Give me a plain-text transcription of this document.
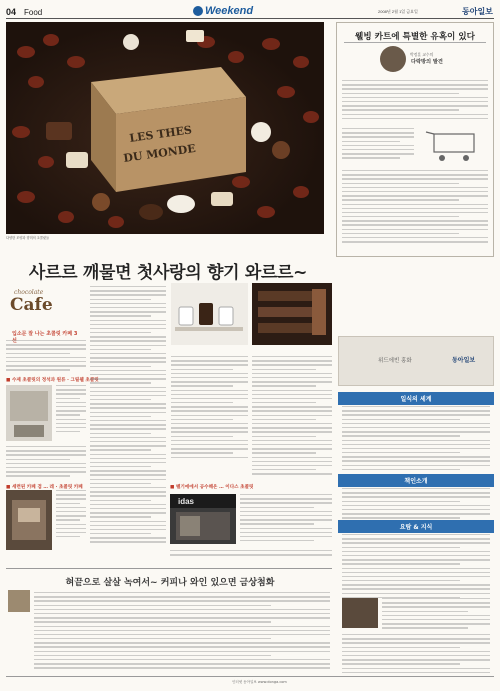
04 Food	Weekend	2008년 2월 1일 금요일	동아일보
LES THES
DU MONDE
다양한 모양과 향미의 초콜릿들
웰빙 카트에 특별한 유혹이 있다
박정훈 교수의
다락방의 발견
사르르 깨물면 첫사랑의 향기 와르르~
chocolate
Cafe
입소문 잘 나는 초콜릿 카페 3선
■ 수제 초콜릿의 정석과 원류 · 그릴웰 초콜릿
■ 세련된 카페 겸 … 레 · 초콜릿 카페	■ 벨기에에서 공수해온 … 이다스 초콜릿
idas
혀끝으로 살살 녹여서~ 커피나 와인 있으면 금상첨화
위드에빈 홍화	동아일보
일식의 세계
책인소개
요람 & 지식
인터넷 동아일보 www.donga.com
